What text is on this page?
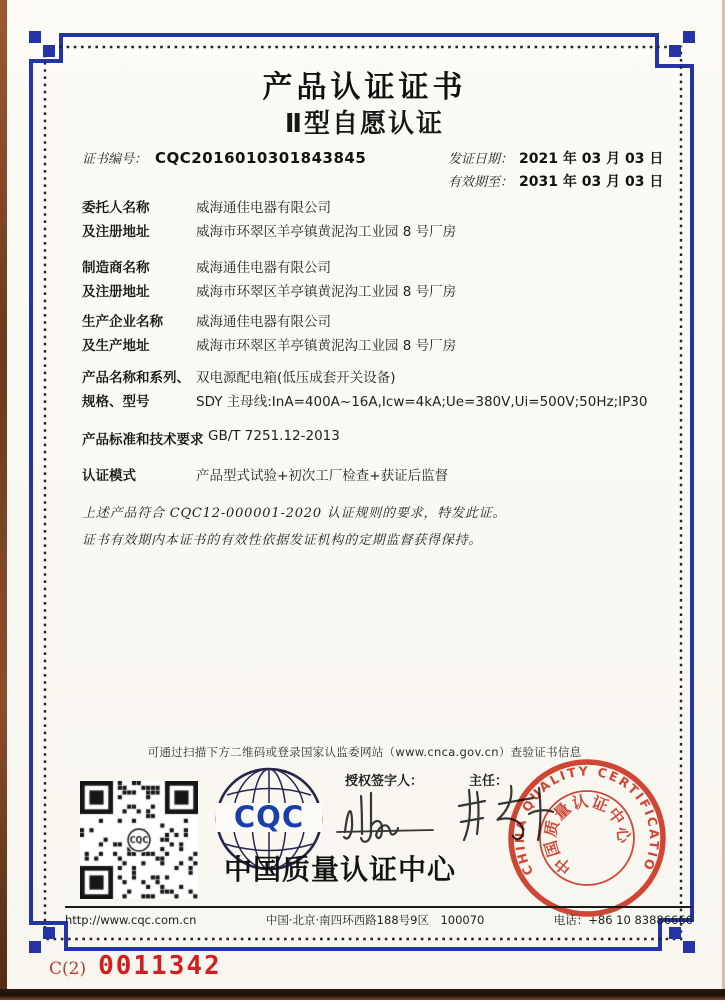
产品认证证书
Ⅱ型自愿认证
证书编号： CQC2016010301843845	发证日期： 2021 年 03 月 03 日
有效期至： 2031 年 03 月 03 日
委托人名称	威海通佳电器有限公司
及注册地址	威海市环翠区羊亭镇黄泥沟工业园 8 号厂房
制造商名称	威海通佳电器有限公司
及注册地址	威海市环翠区羊亭镇黄泥沟工业园 8 号厂房
生产企业名称 威海通佳电器有限公司
及生产地址	威海市环翠区羊亭镇黄泥沟工业园 8 号厂房
产品名称和系列、 双电源配电箱(低压成套开关设备)
规格、型号	SDY 主母线:InA=400A~16A,Icw=4kA;Ue=380V,Ui=500V;50Hz;IP30
产品标准和技术要求 GB/T 7251.12-2013
认证模式	产品型式试验+初次工厂检查+获证后监督
上述产品符合 CQC12-000001-2020 认证规则的要求，特发此证。
证书有效期内本证书的有效性依据发证机构的定期监督获得保持。
可通过扫描下方二维码或登录国家认监委网站（www.cnca.gov.cn）查验证书信息
CQC
授权签字人：	主任：
中国质量认证中心	CHINA QUALITY CERTIFICATION CENTRE
中
国
质
量
认 证
中
心
http://www.cqc.com.cn	中国·北京·南四环西路188号9区　100070	电话：+86 10 83886666
C(2) 0011342
